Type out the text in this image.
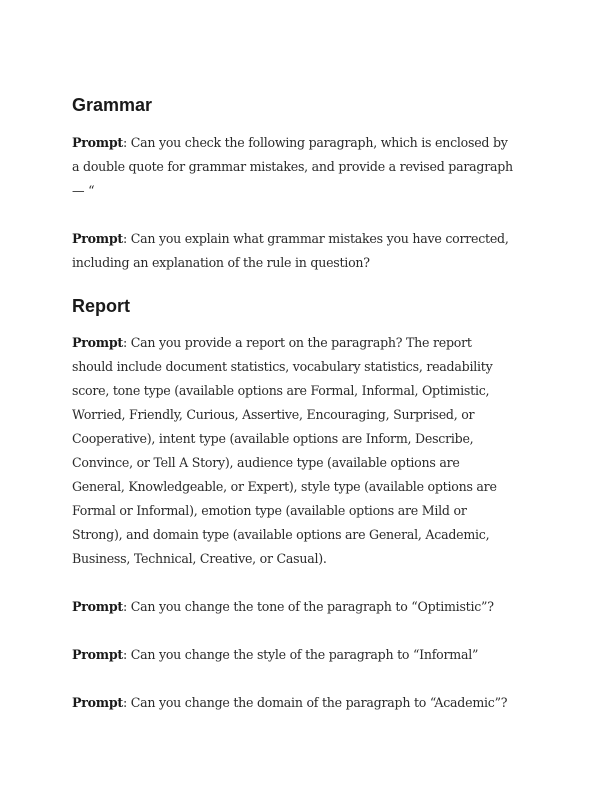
Grammar
Prompt: Can you check the following paragraph, which is enclosed by
a double quote for grammar mistakes, and provide a revised paragraph
— “
Prompt: Can you explain what grammar mistakes you have corrected,
including an explanation of the rule in question?
Report
Prompt: Can you provide a report on the paragraph? The report
should include document statistics, vocabulary statistics, readability
score, tone type (available options are Formal, Informal, Optimistic,
Worried, Friendly, Curious, Assertive, Encouraging, Surprised, or
Cooperative), intent type (available options are Inform, Describe,
Convince, or Tell A Story), audience type (available options are
General, Knowledgeable, or Expert), style type (available options are
Formal or Informal), emotion type (available options are Mild or
Strong), and domain type (available options are General, Academic,
Business, Technical, Creative, or Casual).
Prompt: Can you change the tone of the paragraph to “Optimistic”?
Prompt: Can you change the style of the paragraph to “Informal”
Prompt: Can you change the domain of the paragraph to “Academic”?
